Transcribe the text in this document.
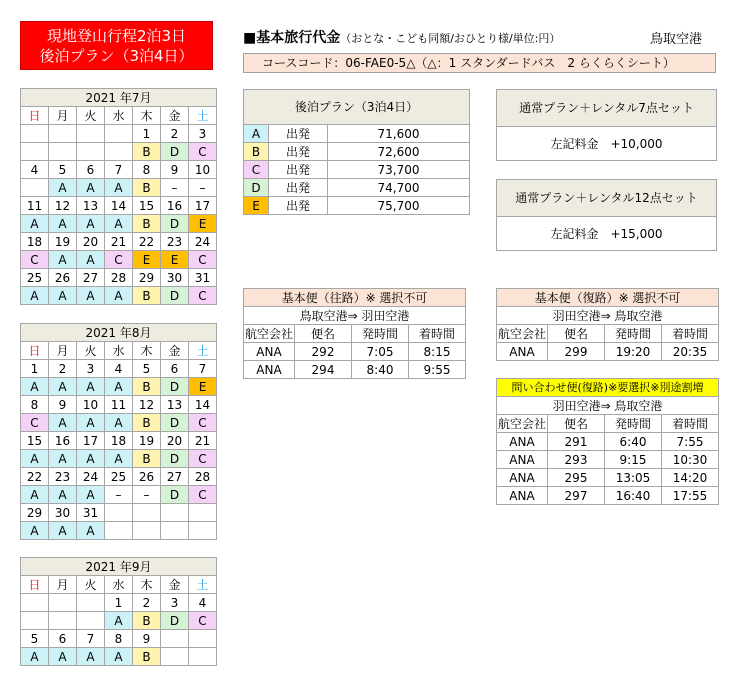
現地登山行程2泊3日
後泊プラン（3泊4日）
■基本旅行代金（おとな・こども同額/おひとり様/単位:円）	鳥取空港
コースコード：06-FAE0-5△（△：1 スタンダードバス　2 らくらくシート）
2021 年7月						
日	月	火	水	木	金	土
				1	2	3
				B	D	C
4	5	6	7	8	9	10
	A	A	A	B	–	–
11	12	13	14	15	16	17
A	A	A	A	B	D	E
18	19	20	21	22	23	24
C	A	A	C	E	E	C
25	26	27	28	29	30	31
A	A	A	A	B	D	C
2021 年8月						
日	月	火	水	木	金	土
1	2	3	4	5	6	7
A	A	A	A	B	D	E
8	9	10	11	12	13	14
C	A	A	A	B	D	C
15	16	17	18	19	20	21
A	A	A	A	B	D	C
22	23	24	25	26	27	28
A	A	A	–	–	D	C
29	30	31				
A	A	A				
2021 年9月						
日	月	火	水	木	金	土
			1	2	3	4
			A	B	D	C
5	6	7	8	9		
A	A	A	A	B		
後泊プラン（3泊4日）		
A	出発	71,600
B	出発	72,600
C	出発	73,700
D	出発	74,700
E	出発	75,700
通常プラン＋レンタル7点セット
左記料金　+10,000
通常プラン＋レンタル12点セット
左記料金　+15,000
基本便（往路）※ 選択不可			
鳥取空港⇒ 羽田空港			
航空会社	便名	発時間	着時間
ANA	292	7:05	8:15
ANA	294	8:40	9:55
基本便（復路）※ 選択不可			
羽田空港⇒ 鳥取空港			
航空会社	便名	発時間	着時間
ANA	299	19:20	20:35
問い合わせ便(復路)※要選択※別途割増			
羽田空港⇒ 鳥取空港			
航空会社	便名	発時間	着時間
ANA	291	6:40	7:55
ANA	293	9:15	10:30
ANA	295	13:05	14:20
ANA	297	16:40	17:55
